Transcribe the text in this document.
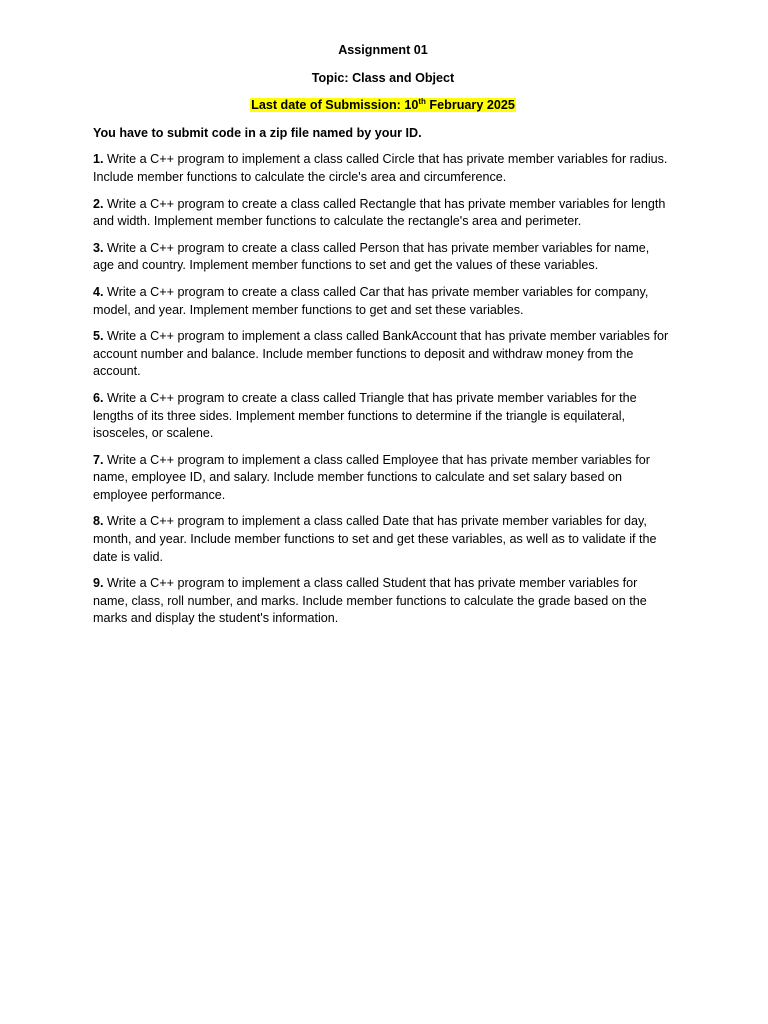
Assignment 01
Topic: Class and Object
Last date of Submission: 10th February 2025
You have to submit code in a zip file named by your ID.
1. Write a C++ program to implement a class called Circle that has private member variables for radius. Include member functions to calculate the circle's area and circumference.
2. Write a C++ program to create a class called Rectangle that has private member variables for length and width. Implement member functions to calculate the rectangle's area and perimeter.
3. Write a C++ program to create a class called Person that has private member variables for name, age and country. Implement member functions to set and get the values of these variables.
4. Write a C++ program to create a class called Car that has private member variables for company, model, and year. Implement member functions to get and set these variables.
5. Write a C++ program to implement a class called BankAccount that has private member variables for account number and balance. Include member functions to deposit and withdraw money from the account.
6. Write a C++ program to create a class called Triangle that has private member variables for the lengths of its three sides. Implement member functions to determine if the triangle is equilateral, isosceles, or scalene.
7. Write a C++ program to implement a class called Employee that has private member variables for name, employee ID, and salary. Include member functions to calculate and set salary based on employee performance.
8. Write a C++ program to implement a class called Date that has private member variables for day, month, and year. Include member functions to set and get these variables, as well as to validate if the date is valid.
9. Write a C++ program to implement a class called Student that has private member variables for name, class, roll number, and marks. Include member functions to calculate the grade based on the marks and display the student's information.
